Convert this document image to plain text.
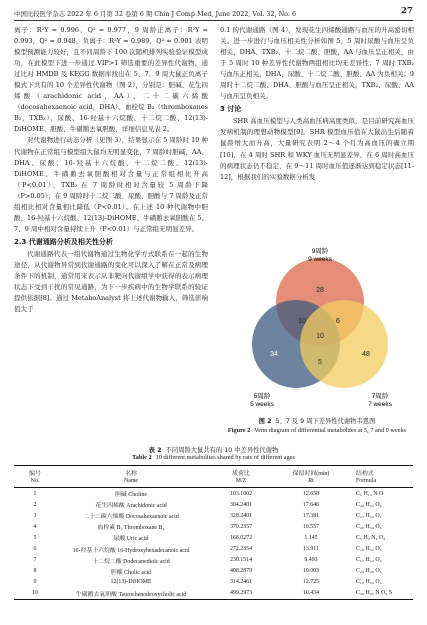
中国比较医学杂志 2022 年 6 月第 32 卷第 6 期 Chin J Comp Med, June 2022, Vol. 32, No. 6	27

离子：R²Y = 0.996，Q² = 0.977，9 周龄正离子：R²Y = 0.993，Q² = 0.948，负离子：R²Y = 0.989，Q² = 0.901 表明模型预测能力较好，且不同周龄下 100 次随机排列实验验证模型成功，在此模型下进一步通过 VIP>1 筛选重要的差异性代谢物，通过比对 HMDB 及 KEGG 数据库找出在 5、7、9 周大鼠正负离子模式下共有的 10 个差异性代谢物（图 2），分别是：胆碱、花生四烯酸（arachidonic acid，AA）、二十二碳六烯酸（docosahexaenoic acid，DHA）、血栓烷 B₂（thromboxanes B₂，TXB₂）、尿酸、16-羟基十六烷酸、十二烷二酸、12(13)-DiHOME、胆酸、牛磺鹅去氧胆酸，详细信息见表 2。

对代谢物进行动态分析（见图 3），结果显示在 5 周龄时 10 种代谢物在正常组与模型组大鼠均无明显变化，7 周龄时胆碱、AA、DHA、尿酸、16-羟基十六烷酸、十二烷二酸、12(13)-DiHOME、牛磺鹅去氧胆酸相对含量与正常组相比升高（P<0.01），TXB₂ 在 7 周龄时相对含量较 5 周龄下降（P>0.05）；在 9 周龄时十二烷二酸、尿酸、胆酸与 7 周龄及正常组相比相对含量相比降低（P<0.01）。在上述 10 种代谢物中胆酸、16-羟基十六烷酸、12(13)-DiHOME、牛磺鹅去氧胆酸在 5、7、9 周中相对含量持续上升（P<0.01）与正常组无明显差异。

2.3 代谢通路分析及相关性分析

代谢通路代表一组代谢物通过生物化学方式联系在一起的生物途径，从代谢物异常到代谢通路的变化可以深入了解在正常及病理条件下的机制，通常用来表示从非靶向代谢组学中获得的表示病理状态下受到干扰的常见通路，为下一步疾病中的生物学联系的验证提供依据[8]。通过 MetaboAnalyst 将上述代谢物输入，筛选影响值大于

0.1 的代谢通路（图 4），发现花生四烯酸通路与血压的升高密切相关。进一步进行与血压相关性分析如图 5，5 周时尿酸与血压呈负相关，DHA、TXB₂、十二烷二酸、胆酸、AA 与血压呈正相关，由于 5 周时 10 种差异性代谢物两组相比均无差异性；7 周时 TXB₂ 与血压正相关，DHA、尿酸、十二烷二酸、胆酸、AA 为负相关；9 周时十二烷二酸、DHA、胆酸与血压呈正相关，TXB₂、尿酸、AA 与血压呈负相关。

3 讨论

SHR 高血压模型与人类高血压病高度类似，是目前研究高血压发病机制的理想动物模型[9]。SHR 模型血压值在大鼠出生后随着鼠龄增大而升高，大量研究表明 2～4 个月为高血压的确立期[10]，在 4 周时 SHR 和 WKY 血压无明显差异，在 6 周时高血压的病理状态仍不稳定，在 9～11 周时血压值逐渐达到稳定状态[11-12]，根据我们的实验数据分析发

9周龄
9 weeks
28
34	48
10	6
5
10
5周龄
5 weeks
7周龄
7 weeks
图 2 5、7 及 9 周下差异性代谢物韦恩图
Figure 2 Venn diagram of differential metabolites at 5, 7 and 9 weeks
表 2 不同周龄大鼠共有的 10 中差异性代谢物
Table 2 10 different metabolites shared by rats of different ages
编号	名称	质荷比	保留时间(min)	结构式
No.	Name	M/Z	Rt	Formula
1	胆碱 Choline	103.1002	12.658	C₅ H₁₃ N O
2	花生四烯酸 Arachidonic acid	304.2401	17.646	C₂₀ H₃₂ O₂
3	二十二碳六烯酸 Docosahexaenoic acid	328.2401	17.381	C₂₂ H₃₂ O₂
4	血栓素 B₂ Thromboxane B₂	370.2357	10.557	C₂₀ H₃₄ O₆
5	尿酸 Uric acid	168.0272	1.145	C₅ H₄ N₄ O₃
6	16-羟基十六烷酸 16-Hydroxyhexadecanoic acid	272.2354	13.911	C₁₆ H₃₂ O₃
7	十二烷二酸 Dodecanedioic acid	230.1514	9.493	C₁₂ H₂₂ O₄
8	胆酸 Cholic acid	408.2879	10.003	C₂₄ H₄₀ O₅
9	12(13)-DiHOME	314.2461	12.725	C₁₈ H₃₄ O₄
10	牛磺鹅去氧胆酸 Taurochenodeoxycholic acid	499.2973	10.434	C₂₆ H₄₅ N O₆ S
